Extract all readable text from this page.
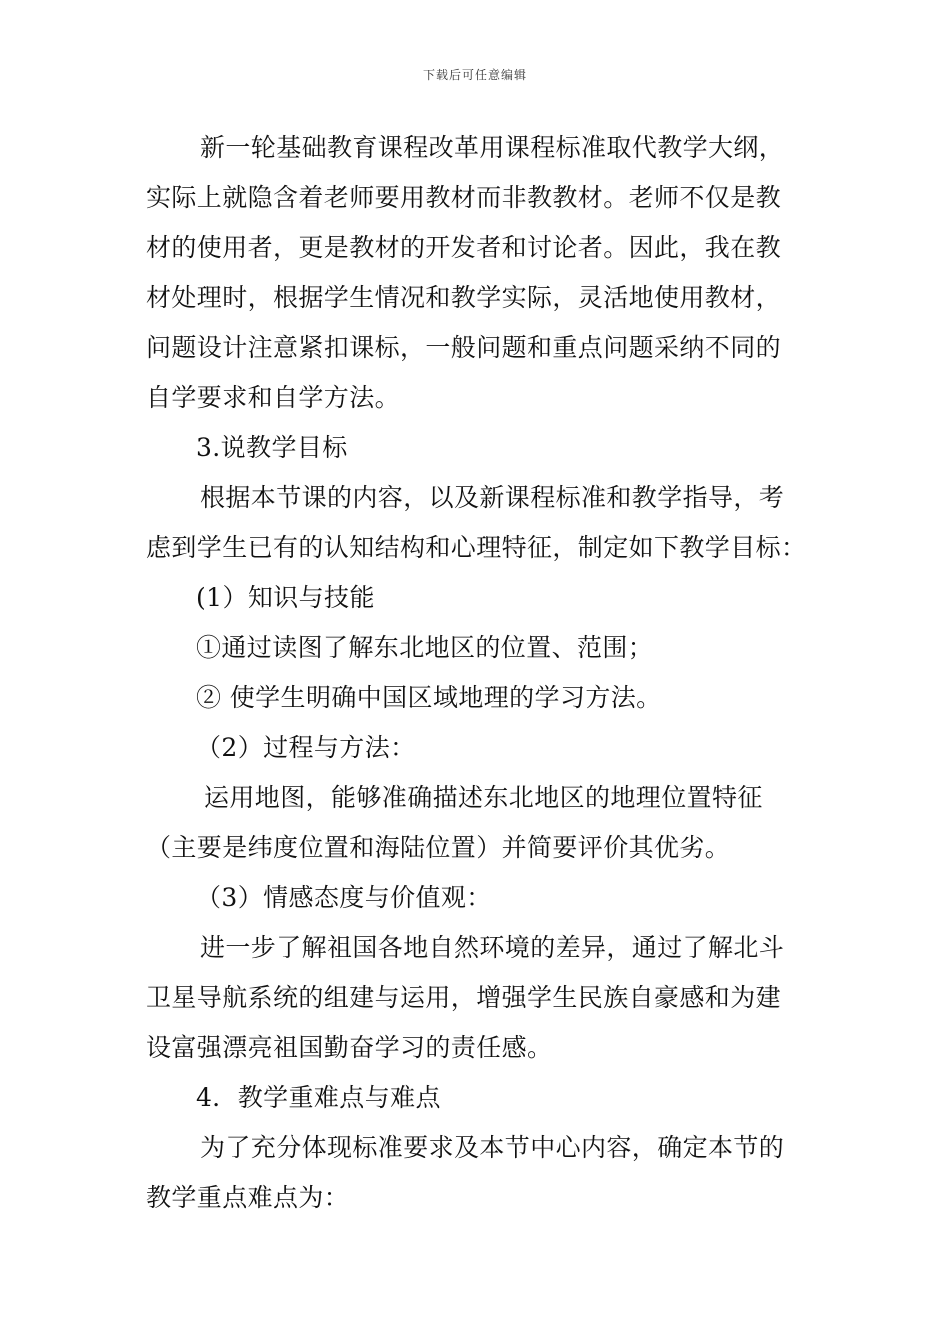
下载后可任意编辑
新一轮基础教育课程改革用课程标准取代教学大纲，
实际上就隐含着老师要用教材而非教教材。老师不仅是教
材的使用者，更是教材的开发者和讨论者。因此，我在教
材处理时，根据学生情况和教学实际，灵活地使用教材，
问题设计注意紧扣课标，一般问题和重点问题采纳不同的
自学要求和自学方法。
3.说教学目标
根据本节课的内容，以及新课程标准和教学指导，考
虑到学生已有的认知结构和心理特征，制定如下教学目标：
(1）知识与技能
①通过读图了解东北地区的位置、范围；
② 使学生明确中国区域地理的学习方法。
（2）过程与方法：
运用地图，能够准确描述东北地区的地理位置特征
（主要是纬度位置和海陆位置）并简要评价其优劣。
（3）情感态度与价值观：
进一步了解祖国各地自然环境的差异，通过了解北斗
卫星导航系统的组建与运用，增强学生民族自豪感和为建
设富强漂亮祖国勤奋学习的责任感。
4．教学重难点与难点
为了充分体现标准要求及本节中心内容，确定本节的
教学重点难点为：
